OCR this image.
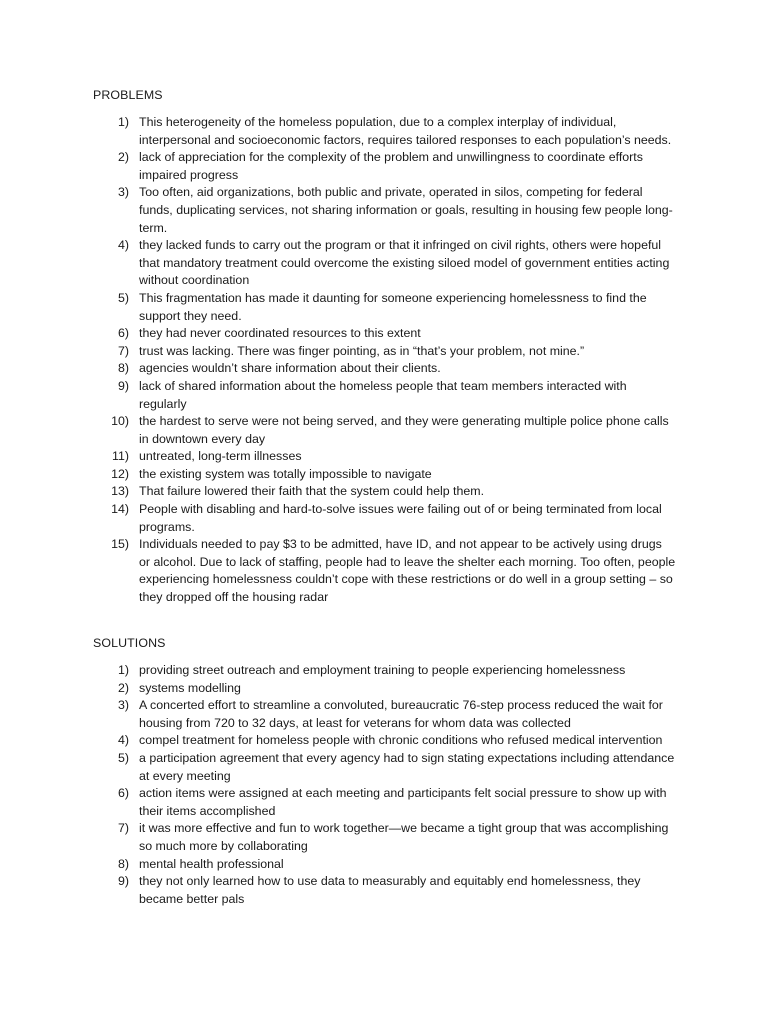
PROBLEMS
1) This heterogeneity of the homeless population, due to a complex interplay of individual, interpersonal and socioeconomic factors, requires tailored responses to each population’s needs.
2) lack of appreciation for the complexity of the problem and unwillingness to coordinate efforts impaired progress
3) Too often, aid organizations, both public and private, operated in silos, competing for federal funds, duplicating services, not sharing information or goals, resulting in housing few people long-term.
4) they lacked funds to carry out the program or that it infringed on civil rights, others were hopeful that mandatory treatment could overcome the existing siloed model of government entities acting without coordination
5) This fragmentation has made it daunting for someone experiencing homelessness to find the support they need.
6) they had never coordinated resources to this extent
7) trust was lacking. There was finger pointing, as in “that’s your problem, not mine.”
8) agencies wouldn’t share information about their clients.
9) lack of shared information about the homeless people that team members interacted with regularly
10) the hardest to serve were not being served, and they were generating multiple police phone calls in downtown every day
11) untreated, long-term illnesses
12) the existing system was totally impossible to navigate
13) That failure lowered their faith that the system could help them.
14) People with disabling and hard-to-solve issues were failing out of or being terminated from local programs.
15) Individuals needed to pay $3 to be admitted, have ID, and not appear to be actively using drugs or alcohol. Due to lack of staffing, people had to leave the shelter each morning. Too often, people experiencing homelessness couldn’t cope with these restrictions or do well in a group setting – so they dropped off the housing radar
SOLUTIONS
1) providing street outreach and employment training to people experiencing homelessness
2) systems modelling
3) A concerted effort to streamline a convoluted, bureaucratic 76-step process reduced the wait for housing from 720 to 32 days, at least for veterans for whom data was collected
4) compel treatment for homeless people with chronic conditions who refused medical intervention
5) a participation agreement that every agency had to sign stating expectations including attendance at every meeting
6) action items were assigned at each meeting and participants felt social pressure to show up with their items accomplished
7) it was more effective and fun to work together—we became a tight group that was accomplishing so much more by collaborating
8) mental health professional
9) they not only learned how to use data to measurably and equitably end homelessness, they became better pals
